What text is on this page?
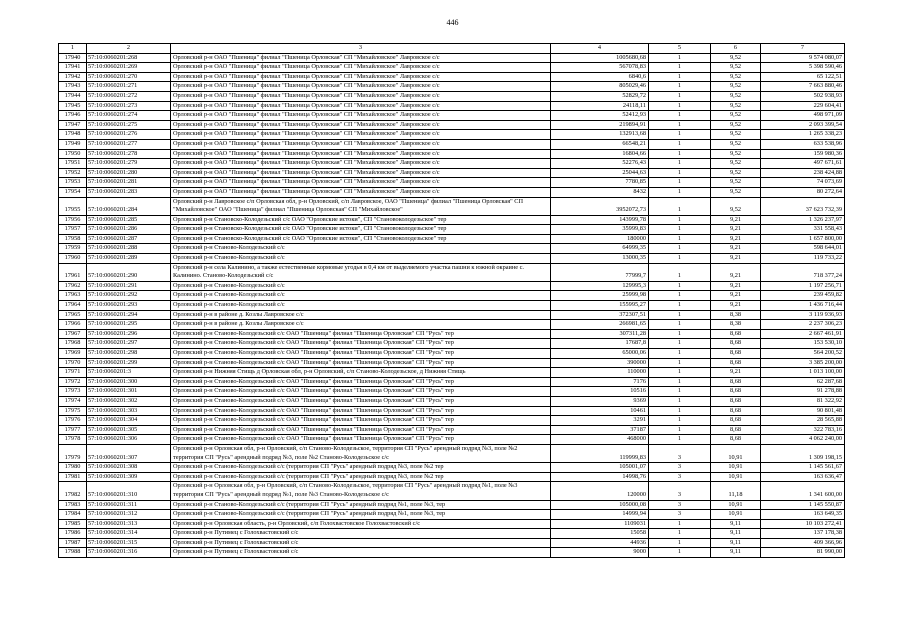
446
1	2	3	4	5	6	7
17940	57:10:0060201:268	Орловский р-н ОАО "Пшеница" филиал "Пшеница Орловская" СП "Михайловское" Лавровское с/с	1005680,68	1	9,52	9 574 080,07
17941	57:10:0060201:269	Орловский р-н ОАО "Пшеница" филиал "Пшеница Орловская" СП "Михайловское" Лавровское с/с	567078,83	1	9,52	5 398 590,46
17942	57:10:0060201:270	Орловский р-н ОАО "Пшеница" филиал "Пшеница Орловская" СП "Михайловское" Лавровское с/с	6840,6	1	9,52	65 122,51
17943	57:10:0060201:271	Орловский р-н ОАО "Пшеница" филиал "Пшеница Орловская" СП "Михайловское" Лавровское с/с	805029,46	1	9,52	7 663 880,46
17944	57:10:0060201:272	Орловский р-н ОАО "Пшеница" филиал "Пшеница Орловская" СП "Михайловское" Лавровское с/с	52829,72	1	9,52	502 938,93
17945	57:10:0060201:273	Орловский р-н ОАО "Пшеница" филиал "Пшеница Орловская" СП "Михайловское" Лавровское с/с	24118,11	1	9,52	229 604,41
17946	57:10:0060201:274	Орловский р-н ОАО "Пшеница" филиал "Пшеница Орловская" СП "Михайловское" Лавровское с/с	52412,93	1	9,52	498 971,09
17947	57:10:0060201:275	Орловский р-н ОАО "Пшеница" филиал "Пшеница Орловская" СП "Михайловское" Лавровское с/с	219894,91	1	9,52	2 093 399,54
17948	57:10:0060201:276	Орловский р-н ОАО "Пшеница" филиал "Пшеница Орловская" СП "Михайловское" Лавровское с/с	132913,68	1	9,52	1 265 338,23
17949	57:10:0060201:277	Орловский р-н ОАО "Пшеница" филиал "Пшеница Орловская" СП "Михайловское" Лавровское с/с	66548,21	1	9,52	633 538,96
17950	57:10:0060201:278	Орловский р-н ОАО "Пшеница" филиал "Пшеница Орловская" СП "Михайловское" Лавровское с/с	16804,66	1	9,52	159 980,36
17951	57:10:0060201:279	Орловский р-н ОАО "Пшеница" филиал "Пшеница Орловская" СП "Михайловское" Лавровское с/с	52276,43	1	9,52	497 671,61
17952	57:10:0060201:280	Орловский р-н ОАО "Пшеница" филиал "Пшеница Орловская" СП "Михайловское" Лавровское с/с	25044,63	1	9,52	238 424,88
17953	57:10:0060201:281	Орловский р-н ОАО "Пшеница" филиал "Пшеница Орловская" СП "Михайловское" Лавровское с/с	7780,85	1	9,52	74 073,69
17954	57:10:0060201:283	Орловский р-н ОАО "Пшеница" филиал "Пшеница Орловская" СП "Михайловское" Лавровское с/с	8432	1	9,52	80 272,64
17955	57:10:0060201:284	Орловский р-н Лавровское с/п Орловская обл, р-н Орловский, с/п Лавровское, ОАО "Пшеница" филиал "Пшеница Орловская" СП "Михайловское" ОАО "Пшеница" филиал "Пшеница Орловская" СП "Михайловское"	3952072,73	1	9,52	37 623 732,39
17956	57:10:0060201:285	Орловский р-н Становско-Колодезьский с/с ОАО "Орловские истоки", СП "Становоколодезьское" тер	143999,78	1	9,21	1 326 237,97
17957	57:10:0060201:286	Орловский р-н Становско-Колодезьский с/с ОАО "Орловские истоки", СП "Становоколодезьское" тер	35999,83	1	9,21	331 558,43
17958	57:10:0060201:287	Орловский р-н Становско-Колодезьский с/с ОАО "Орловские истоки", СП "Становоколодезьское" тер	180000	1	9,21	1 657 800,00
17959	57:10:0060201:288	Орловский р-н Станово-Колодезьский с/с	64999,35	1	9,21	598 644,01
17960	57:10:0060201:289	Орловский р-н Станово-Колодезьский с/с	13000,35	1	9,21	119 733,22
17961	57:10:0060201:290	Орловский р-н села Калинино, а также естественные кормовые угодья в 0,4 км от выделяемого участка пашни к южной окраине с. Калинино. Станово-Колодезьский с/с	77999,7	1	9,21	718 377,24
17962	57:10:0060201:291	Орловский р-н Станово-Колодезьский с/с	129995,3	1	9,21	1 197 256,71
17963	57:10:0060201:292	Орловский р-н Станово-Колодезьский с/с	25999,98	1	9,21	239 459,82
17964	57:10:0060201:293	Орловский р-н Станово-Колодезьский с/с	155995,27	1	9,21	1 436 716,44
17965	57:10:0060201:294	Орловский р-н в районе д. Козлы Лавровское с/с	372307,51	1	8,38	3 119 936,93
17966	57:10:0060201:295	Орловский р-н в районе д. Козлы Лавровское с/с	266981,65	1	8,38	2 237 306,23
17967	57:10:0060201:296	Орловский р-н Станово-Колодезьский с/с ОАО "Пшеница" филиал "Пшеница Орловская" СП "Русь" тер	307311,28	1	8,68	2 667 461,91
17968	57:10:0060201:297	Орловский р-н Станово-Колодезьский с/с ОАО "Пшеница" филиал "Пшеница Орловская" СП "Русь" тер	17687,8	1	8,68	153 530,10
17969	57:10:0060201:298	Орловский р-н Станово-Колодезьский с/с ОАО "Пшеница" филиал "Пшеница Орловская" СП "Русь" тер	65000,06	1	8,68	564 200,52
17970	57:10:0060201:299	Орловский р-н Станово-Колодезьский с/с ОАО "Пшеница" филиал "Пшеница Орловская" СП "Русь" тер	390000	1	8,68	3 385 200,00
17971	57:10:0060201:3	Орловский р-н Нижняя Стищь д Орловская обл, р-н Орловский, с/п Станово-Колодезьское, д Нижняя Стищь	110000	1	9,21	1 013 100,00
17972	57:10:0060201:300	Орловский р-н Станово-Колодезьский с/с ОАО "Пшеница" филиал "Пшеница Орловская" СП "Русь" тер	7176	1	8,68	62 287,68
17973	57:10:0060201:301	Орловский р-н Станово-Колодезьский с/с ОАО "Пшеница" филиал "Пшеница Орловская" СП "Русь" тер	10516	1	8,68	91 278,88
17974	57:10:0060201:302	Орловский р-н Станово-Колодезьский с/с ОАО "Пшеница" филиал "Пшеница Орловская" СП "Русь" тер	9369	1	8,68	81 322,92
17975	57:10:0060201:303	Орловский р-н Станово-Колодезьский с/с ОАО "Пшеница" филиал "Пшеница Орловская" СП "Русь" тер	10461	1	8,68	90 801,48
17976	57:10:0060201:304	Орловский р-н Станово-Колодезьский с/с ОАО "Пшеница" филиал "Пшеница Орловская" СП "Русь" тер	3291	1	8,68	28 565,88
17977	57:10:0060201:305	Орловский р-н Станово-Колодезьский с/с ОАО "Пшеница" филиал "Пшеница Орловская" СП "Русь" тер	37187	1	8,68	322 783,16
17978	57:10:0060201:306	Орловский р-н Станово-Колодезьский с/с ОАО "Пшеница" филиал "Пшеница Орловская" СП "Русь" тер	468000	1	8,68	4 062 240,00
17979	57:10:0060201:307	Орловский р-н Орловская обл, р-н Орловский, с/п Станово-Колодезьское, территория СП "Русь" арендный подряд №3, поле №2 территория СП "Русь" арендный подряд №3, поле №2 Станово-Колодезьское с/с	119999,83	3	10,91	1 309 198,15
17980	57:10:0060201:308	Орловский р-н Станово-Колодезьский с/с (территория СП "Русь" арендный подряд №3, поле №2 тер	105001,07	3	10,91	1 145 561,67
17981	57:10:0060201:309	Орловский р-н Станово-Колодезьский с/с (территория СП "Русь" арендный подряд №3, поле №2 тер	14998,76	3	10,91	163 636,47
17982	57:10:0060201:310	Орловский р-н Орловская обл, р-н Орловский, с/п Станово-Колодезьское, территория СП "Русь" арендный подряд №1, поле №3 территория СП "Русь" арендный подряд №1, поле №3 Станово-Колодезьское с/с	120000	3	11,18	1 341 600,00
17983	57:10:0060201:311	Орловский р-н Станово-Колодезьский с/с (территория СП "Русь" арендный подряд №1, поле №3, тер	105000,08	3	10,91	1 145 550,87
17984	57:10:0060201:312	Орловский р-н Станово-Колодезьский с/с (территория СП "Русь" арендный подряд №1, поле №3, тер	14999,94	3	10,91	163 649,35
17985	57:10:0060201:313	Орловский р-н Орловская область, р-н Орловский, с/п Голохвастовское Голохвастовский с/с	1109031	1	9,11	10 103 272,41
17986	57:10:0060201:314	Орловский р-н Путимец с Голохвастовский с/с	15058	1	9,11	137 178,38
17987	57:10:0060201:315	Орловский р-н Путимец с Голохвастовский с/с	44936	1	9,11	409 366,96
17988	57:10:0060201:316	Орловский р-н Путимец с Голохвастовский с/с	9000	1	9,11	81 990,00
